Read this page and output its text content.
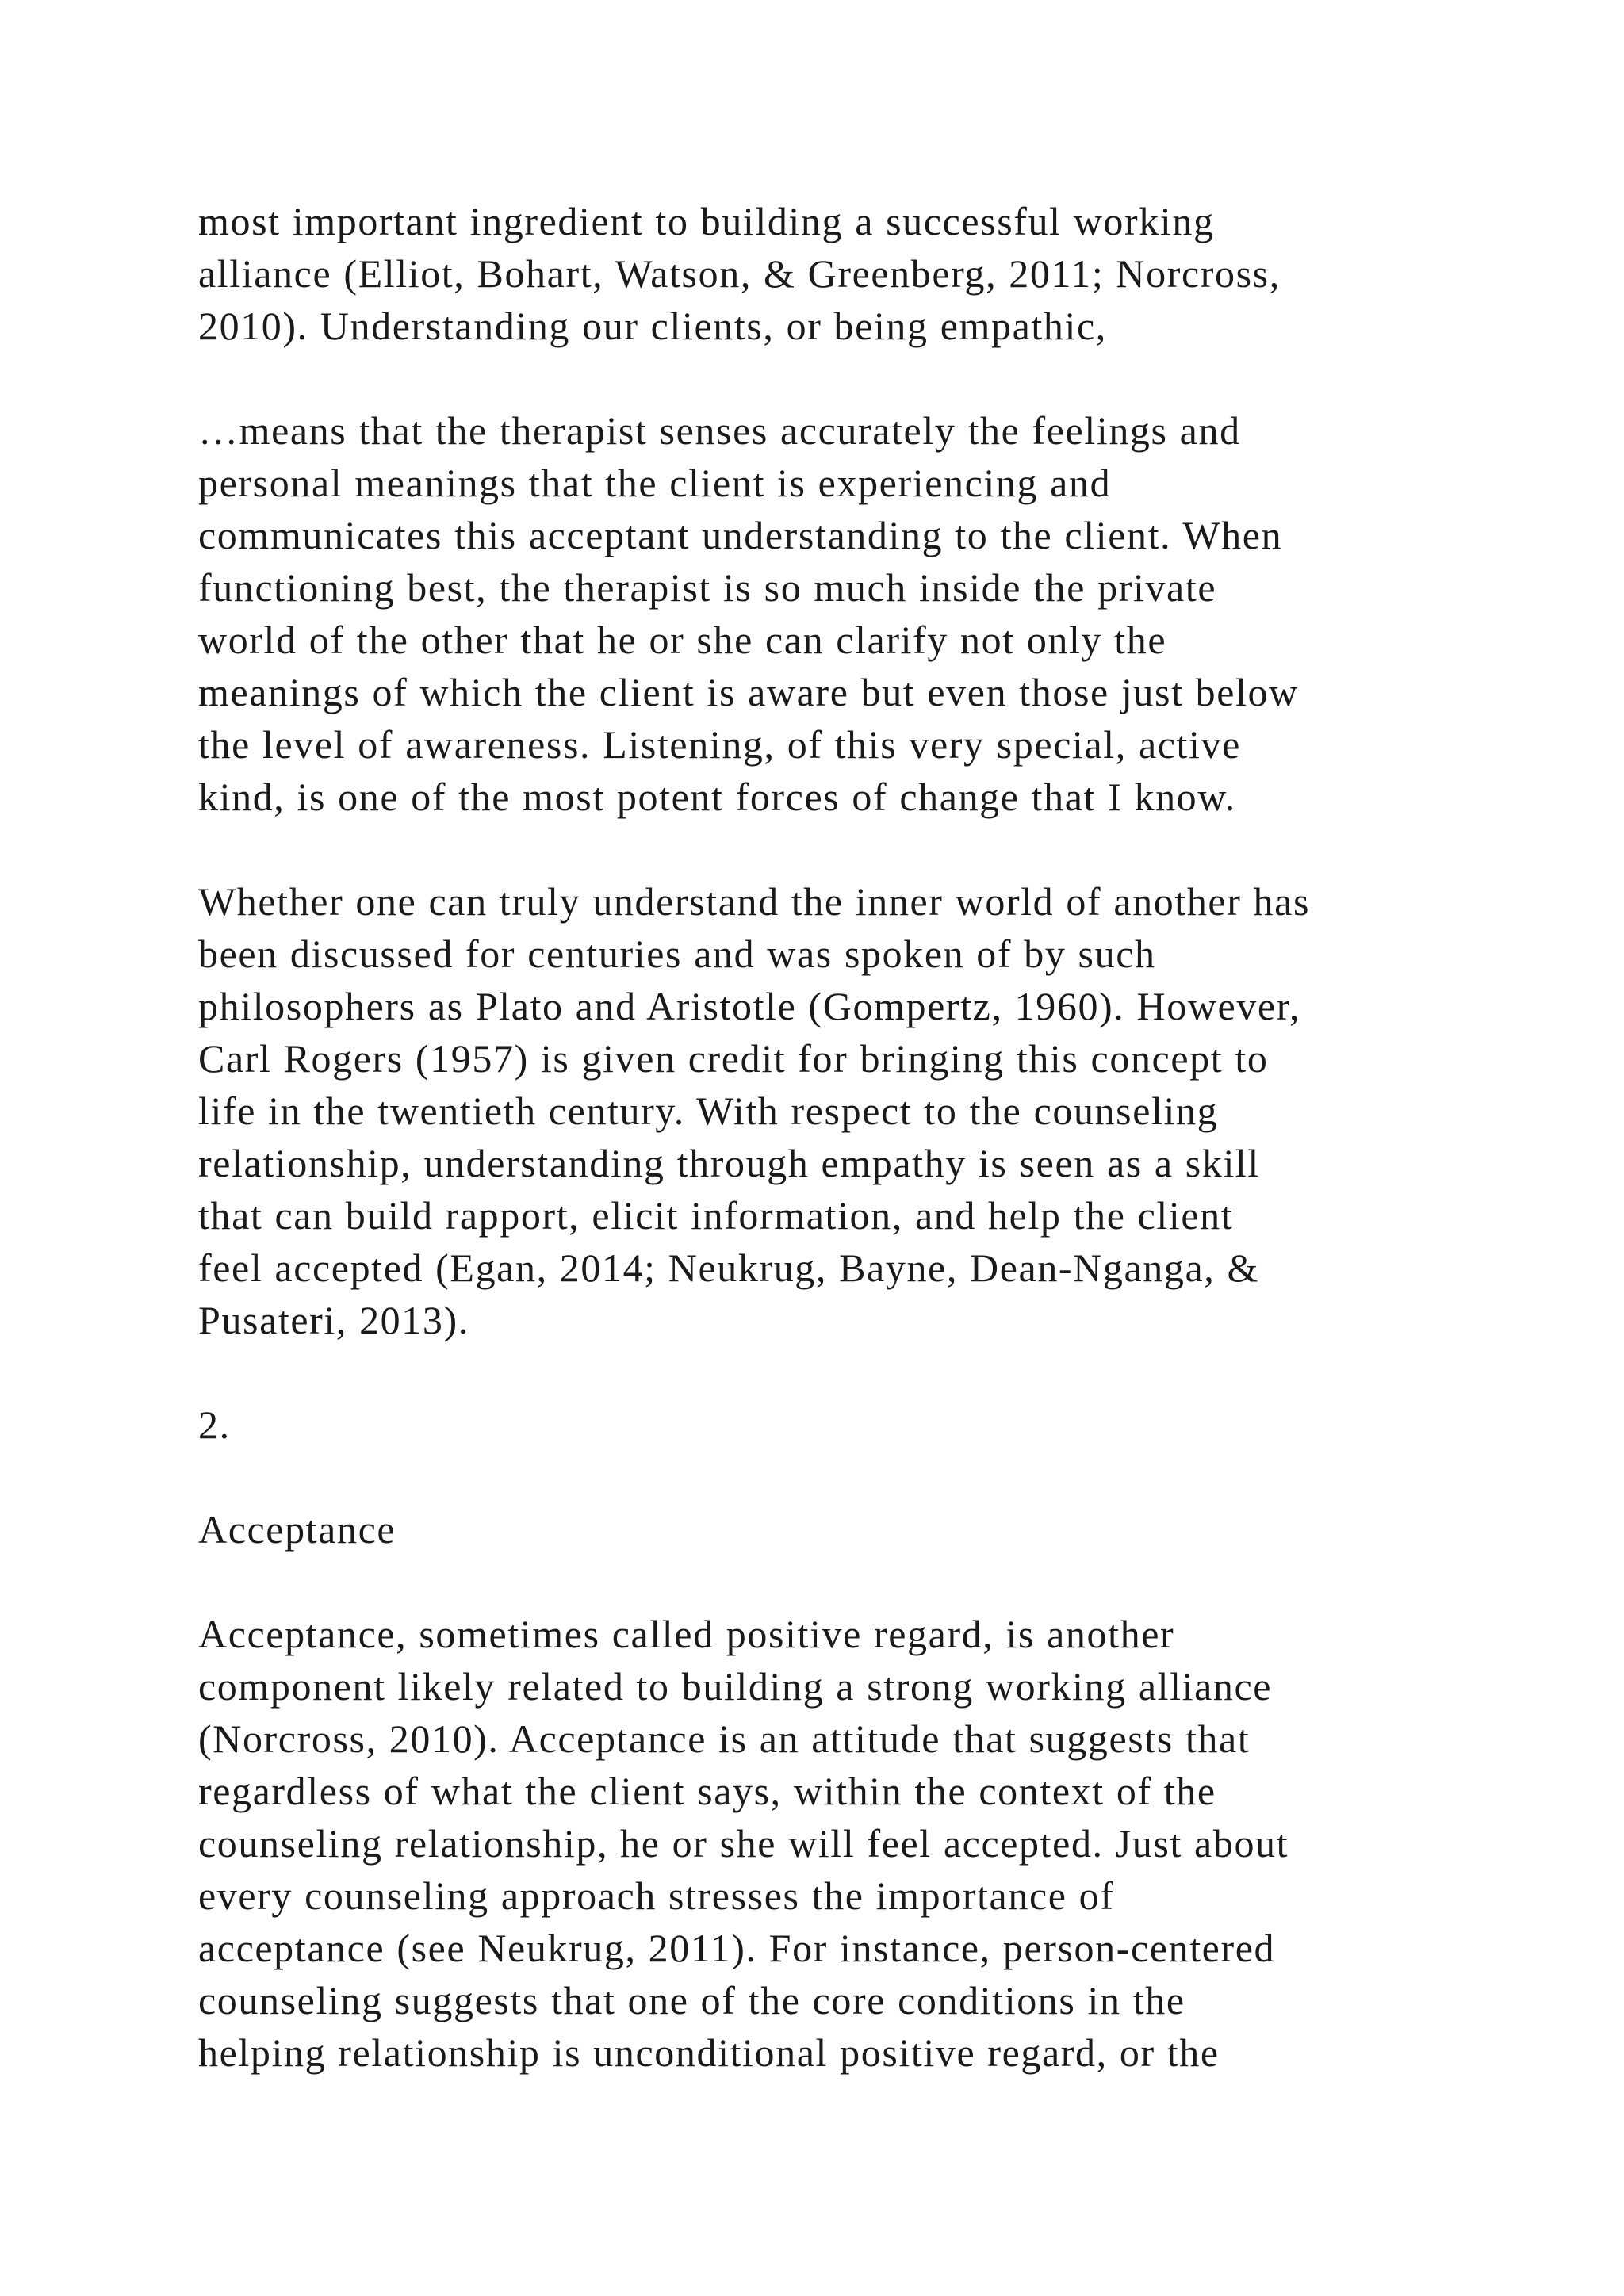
most important ingredient to building a successful working
alliance (Elliot, Bohart, Watson, & Greenberg, 2011; Norcross,
2010). Understanding our clients, or being empathic,
…means that the therapist senses accurately the feelings and
personal meanings that the client is experiencing and
communicates this acceptant understanding to the client. When
functioning best, the therapist is so much inside the private
world of the other that he or she can clarify not only the
meanings of which the client is aware but even those just below
the level of awareness. Listening, of this very special, active
kind, is one of the most potent forces of change that I know.
Whether one can truly understand the inner world of another has
been discussed for centuries and was spoken of by such
philosophers as Plato and Aristotle (Gompertz, 1960). However,
Carl Rogers (1957) is given credit for bringing this concept to
life in the twentieth century. With respect to the counseling
relationship, understanding through empathy is seen as a skill
that can build rapport, elicit information, and help the client
feel accepted (Egan, 2014; Neukrug, Bayne, Dean-Nganga, &
Pusateri, 2013).
2.
Acceptance
Acceptance, sometimes called positive regard, is another
component likely related to building a strong working alliance
(Norcross, 2010). Acceptance is an attitude that suggests that
regardless of what the client says, within the context of the
counseling relationship, he or she will feel accepted. Just about
every counseling approach stresses the importance of
acceptance (see Neukrug, 2011). For instance, person-centered
counseling suggests that one of the core conditions in the
helping relationship is unconditional positive regard, or the
